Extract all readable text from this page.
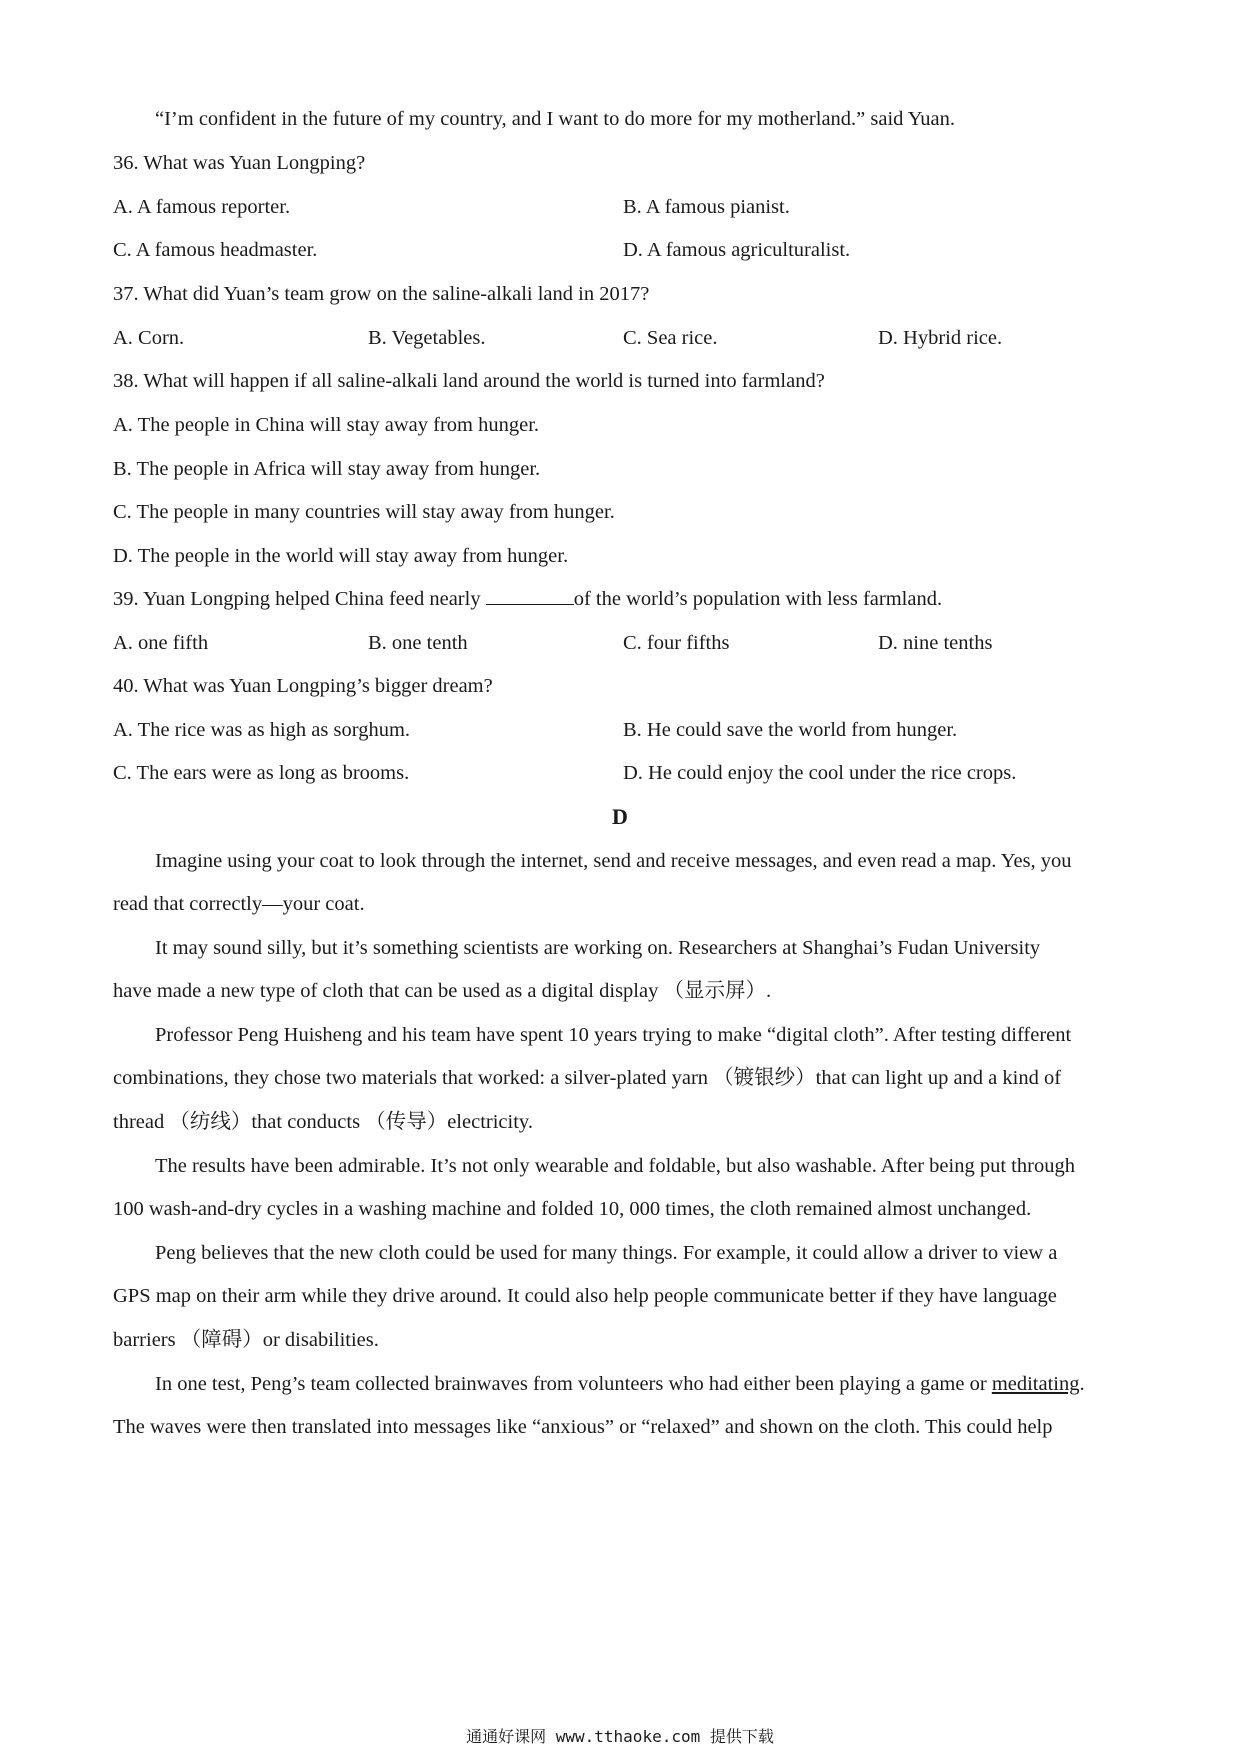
“I’m confident in the future of my country, and I want to do more for my motherland.” said Yuan.
36. What was Yuan Longping?
A. A famous reporter.	B. A famous pianist.
C. A famous headmaster.	D. A famous agriculturalist.
37. What did Yuan’s team grow on the saline-alkali land in 2017?
A. Corn.	B. Vegetables.	C. Sea rice.	D. Hybrid rice.
38. What will happen if all saline-alkali land around the world is turned into farmland?
A. The people in China will stay away from hunger.
B. The people in Africa will stay away from hunger.
C. The people in many countries will stay away from hunger.
D. The people in the world will stay away from hunger.
39. Yuan Longping helped China feed nearly	of the world’s population with less farmland.
A. one fifth	B. one tenth	C. four fifths	D. nine tenths
40. What was Yuan Longping’s bigger dream?
A. The rice was as high as sorghum.	B. He could save the world from hunger.
C. The ears were as long as brooms.	D. He could enjoy the cool under the rice crops.
D
Imagine using your coat to look through the internet, send and receive messages, and even read a map. Yes, you
read that correctly—your coat.
It may sound silly, but it’s something scientists are working on. Researchers at Shanghai’s Fudan University
have made a new type of cloth that can be used as a digital display （显示屏）.
Professor Peng Huisheng and his team have spent 10 years trying to make “digital cloth”. After testing different
combinations, they chose two materials that worked: a silver-plated yarn （镀银纱）that can light up and a kind of
thread （纺线）that conducts （传导）electricity.
The results have been admirable. It’s not only wearable and foldable, but also washable. After being put through
100 wash-and-dry cycles in a washing machine and folded 10, 000 times, the cloth remained almost unchanged.
Peng believes that the new cloth could be used for many things. For example, it could allow a driver to view a
GPS map on their arm while they drive around. It could also help people communicate better if they have language
barriers （障碍）or disabilities.
In one test, Peng’s team collected brainwaves from volunteers who had either been playing a game or meditating.
The waves were then translated into messages like “anxious” or “relaxed” and shown on the cloth. This could help
通通好课网 www.tthaoke.com 提供下载
